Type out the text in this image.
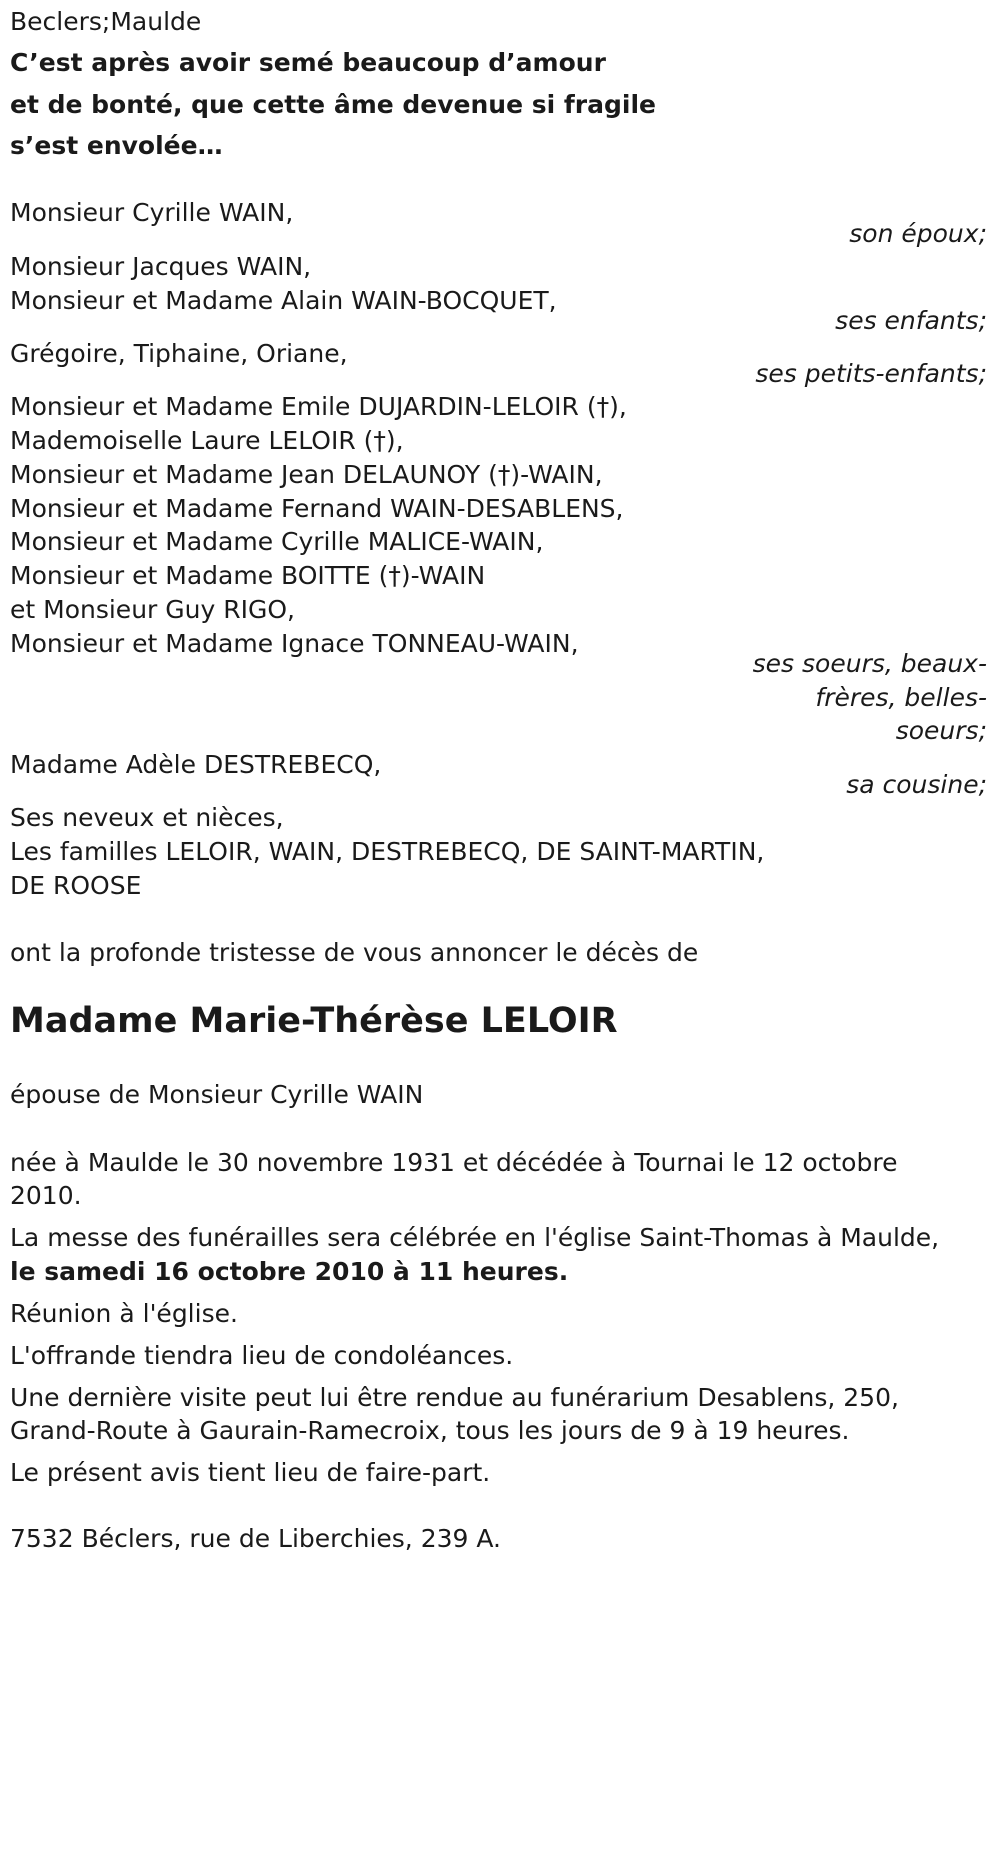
Beclers;Maulde
C’est après avoir semé beaucoup d’amour
et de bonté, que cette âme devenue si fragile
s’est envolée…
Monsieur Cyrille WAIN,
son époux;
Monsieur Jacques WAIN,
Monsieur et Madame Alain WAIN-BOCQUET,
ses enfants;
Grégoire, Tiphaine, Oriane,
ses petits-enfants;
Monsieur et Madame Emile DUJARDIN-LELOIR (†),
Mademoiselle Laure LELOIR (†),
Monsieur et Madame Jean DELAUNOY (†)-WAIN,
Monsieur et Madame Fernand WAIN-DESABLENS,
Monsieur et Madame Cyrille MALICE-WAIN,
Monsieur et Madame BOITTE (†)-WAIN
et Monsieur Guy RIGO,
Monsieur et Madame Ignace TONNEAU-WAIN,
ses soeurs, beaux-
frères, belles-
soeurs;
Madame Adèle DESTREBECQ,
sa cousine;
Ses neveux et nièces,
Les familles LELOIR, WAIN, DESTREBECQ, DE SAINT-MARTIN,
DE ROOSE
ont la profonde tristesse de vous annoncer le décès de
Madame Marie-Thérèse LELOIR
épouse de Monsieur Cyrille WAIN
née à Maulde le 30 novembre 1931 et décédée à Tournai le 12 octobre
2010.
La messe des funérailles sera célébrée en l'église Saint-Thomas à Maulde,
le samedi 16 octobre 2010 à 11 heures.
Réunion à l'église.
L'offrande tiendra lieu de condoléances.
Une dernière visite peut lui être rendue au funérarium Desablens, 250,
Grand-Route à Gaurain-Ramecroix, tous les jours de 9 à 19 heures.
Le présent avis tient lieu de faire-part.
7532 Béclers, rue de Liberchies, 239 A.
